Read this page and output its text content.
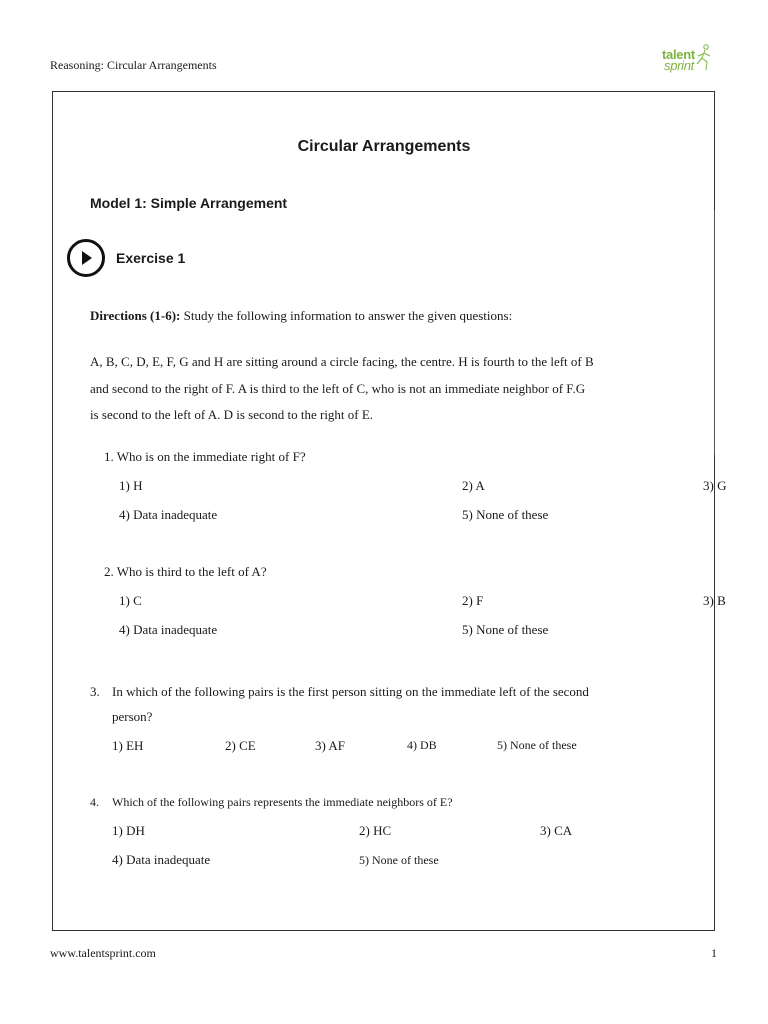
Reasoning: Circular Arrangements
talent
sprint
Circular Arrangements
Model 1: Simple Arrangement
Exercise 1
Directions (1-6): Study the following information to answer the given questions:
A, B, C, D, E, F, G and H are sitting around a circle facing, the centre. H is fourth to the left of B
and second to the right of F. A is third to the left of C, who is not an immediate neighbor of F.G
is second to the left of A. D is second to the right of E.
1. Who is on the immediate right of F?
1) H	2) A	3) G
4) Data inadequate	5) None of these
2. Who is third to the left of A?
1) C	2) F	3) B
4) Data inadequate	5) None of these
3. In which of the following pairs is the first person sitting on the immediate left of the second
person?
1) EH	2) CE	3) AF	4) DB	5) None of these
4. Which of the following pairs represents the immediate neighbors of E?
1) DH	2) HC	3) CA
4) Data inadequate	5) None of these
www.talentsprint.com	1
